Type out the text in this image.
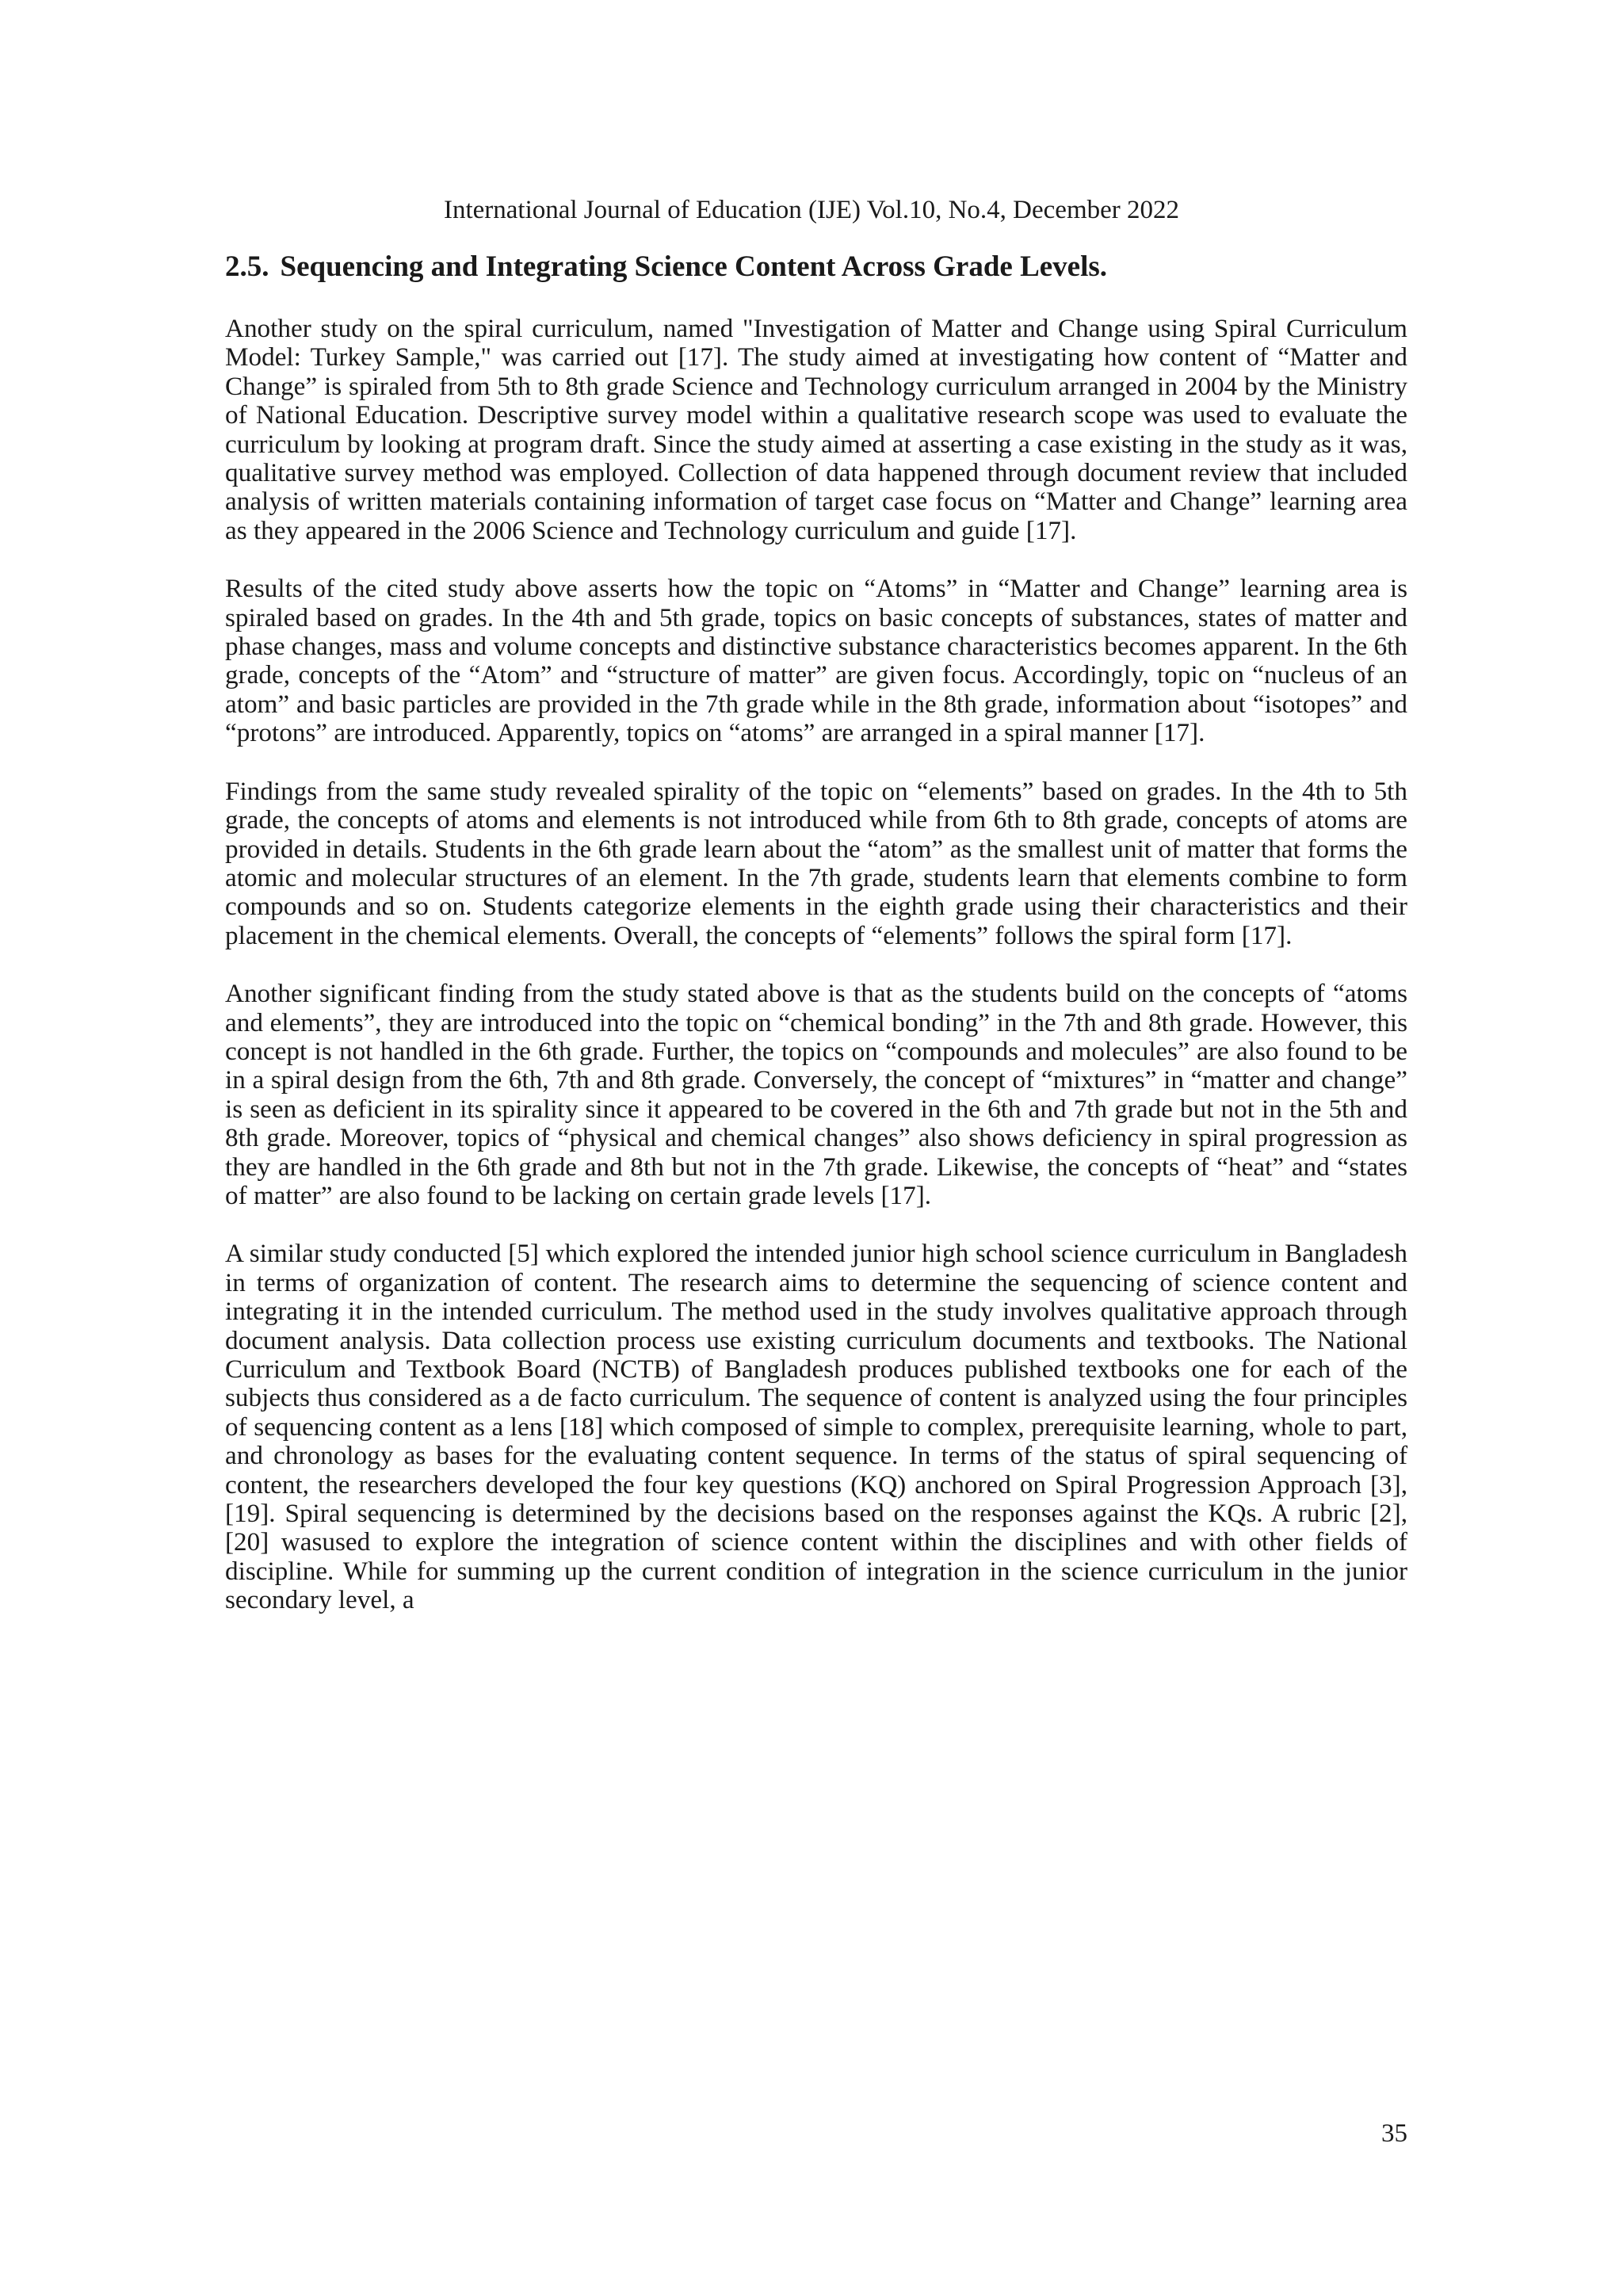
International Journal of Education (IJE) Vol.10, No.4, December 2022
2.5. Sequencing and Integrating Science Content Across Grade Levels.

Another study on the spiral curriculum, named "Investigation of Matter and Change using Spiral Curriculum Model: Turkey Sample," was carried out [17]. The study aimed at investigating how content of “Matter and Change” is spiraled from 5th to 8th grade Science and Technology curriculum arranged in 2004 by the Ministry of National Education. Descriptive survey model within a qualitative research scope was used to evaluate the curriculum by looking at program draft. Since the study aimed at asserting a case existing in the study as it was, qualitative survey method was employed. Collection of data happened through document review that included analysis of written materials containing information of target case focus on “Matter and Change” learning area as they appeared in the 2006 Science and Technology curriculum and guide [17].

Results of the cited study above asserts how the topic on “Atoms” in “Matter and Change” learning area is spiraled based on grades. In the 4th and 5th grade, topics on basic concepts of substances, states of matter and phase changes, mass and volume concepts and distinctive substance characteristics becomes apparent. In the 6th grade, concepts of the “Atom” and “structure of matter” are given focus. Accordingly, topic on “nucleus of an atom” and basic particles are provided in the 7th grade while in the 8th grade, information about “isotopes” and “protons” are introduced. Apparently, topics on “atoms” are arranged in a spiral manner [17].

Findings from the same study revealed spirality of the topic on “elements” based on grades. In the 4th to 5th grade, the concepts of atoms and elements is not introduced while from 6th to 8th grade, concepts of atoms are provided in details. Students in the 6th grade learn about the “atom” as the smallest unit of matter that forms the atomic and molecular structures of an element. In the 7th grade, students learn that elements combine to form compounds and so on. Students categorize elements in the eighth grade using their characteristics and their placement in the chemical elements. Overall, the concepts of “elements” follows the spiral form [17].

Another significant finding from the study stated above is that as the students build on the concepts of “atoms and elements”, they are introduced into the topic on “chemical bonding” in the 7th and 8th grade. However, this concept is not handled in the 6th grade. Further, the topics on “compounds and molecules” are also found to be in a spiral design from the 6th, 7th and 8th grade. Conversely, the concept of “mixtures” in “matter and change” is seen as deficient in its spirality since it appeared to be covered in the 6th and 7th grade but not in the 5th and 8th grade. Moreover, topics of “physical and chemical changes” also shows deficiency in spiral progression as they are handled in the 6th grade and 8th but not in the 7th grade. Likewise, the concepts of “heat” and “states of matter” are also found to be lacking on certain grade levels [17].

A similar study conducted [5] which explored the intended junior high school science curriculum in Bangladesh in terms of organization of content. The research aims to determine the sequencing of science content and integrating it in the intended curriculum. The method used in the study involves qualitative approach through document analysis. Data collection process use existing curriculum documents and textbooks. The National Curriculum and Textbook Board (NCTB) of Bangladesh produces published textbooks one for each of the subjects thus considered as a de facto curriculum. The sequence of content is analyzed using the four principles of sequencing content as a lens [18] which composed of simple to complex, prerequisite learning, whole to part, and chronology as bases for the evaluating content sequence. In terms of the status of spiral sequencing of content, the researchers developed the four key questions (KQ) anchored on Spiral Progression Approach [3], [19]. Spiral sequencing is determined by the decisions based on the responses against the KQs. A rubric [2], [20] wasused to explore the integration of science content within the disciplines and with other fields of discipline. While for summing up the current condition of integration in the science curriculum in the junior secondary level, a

35
